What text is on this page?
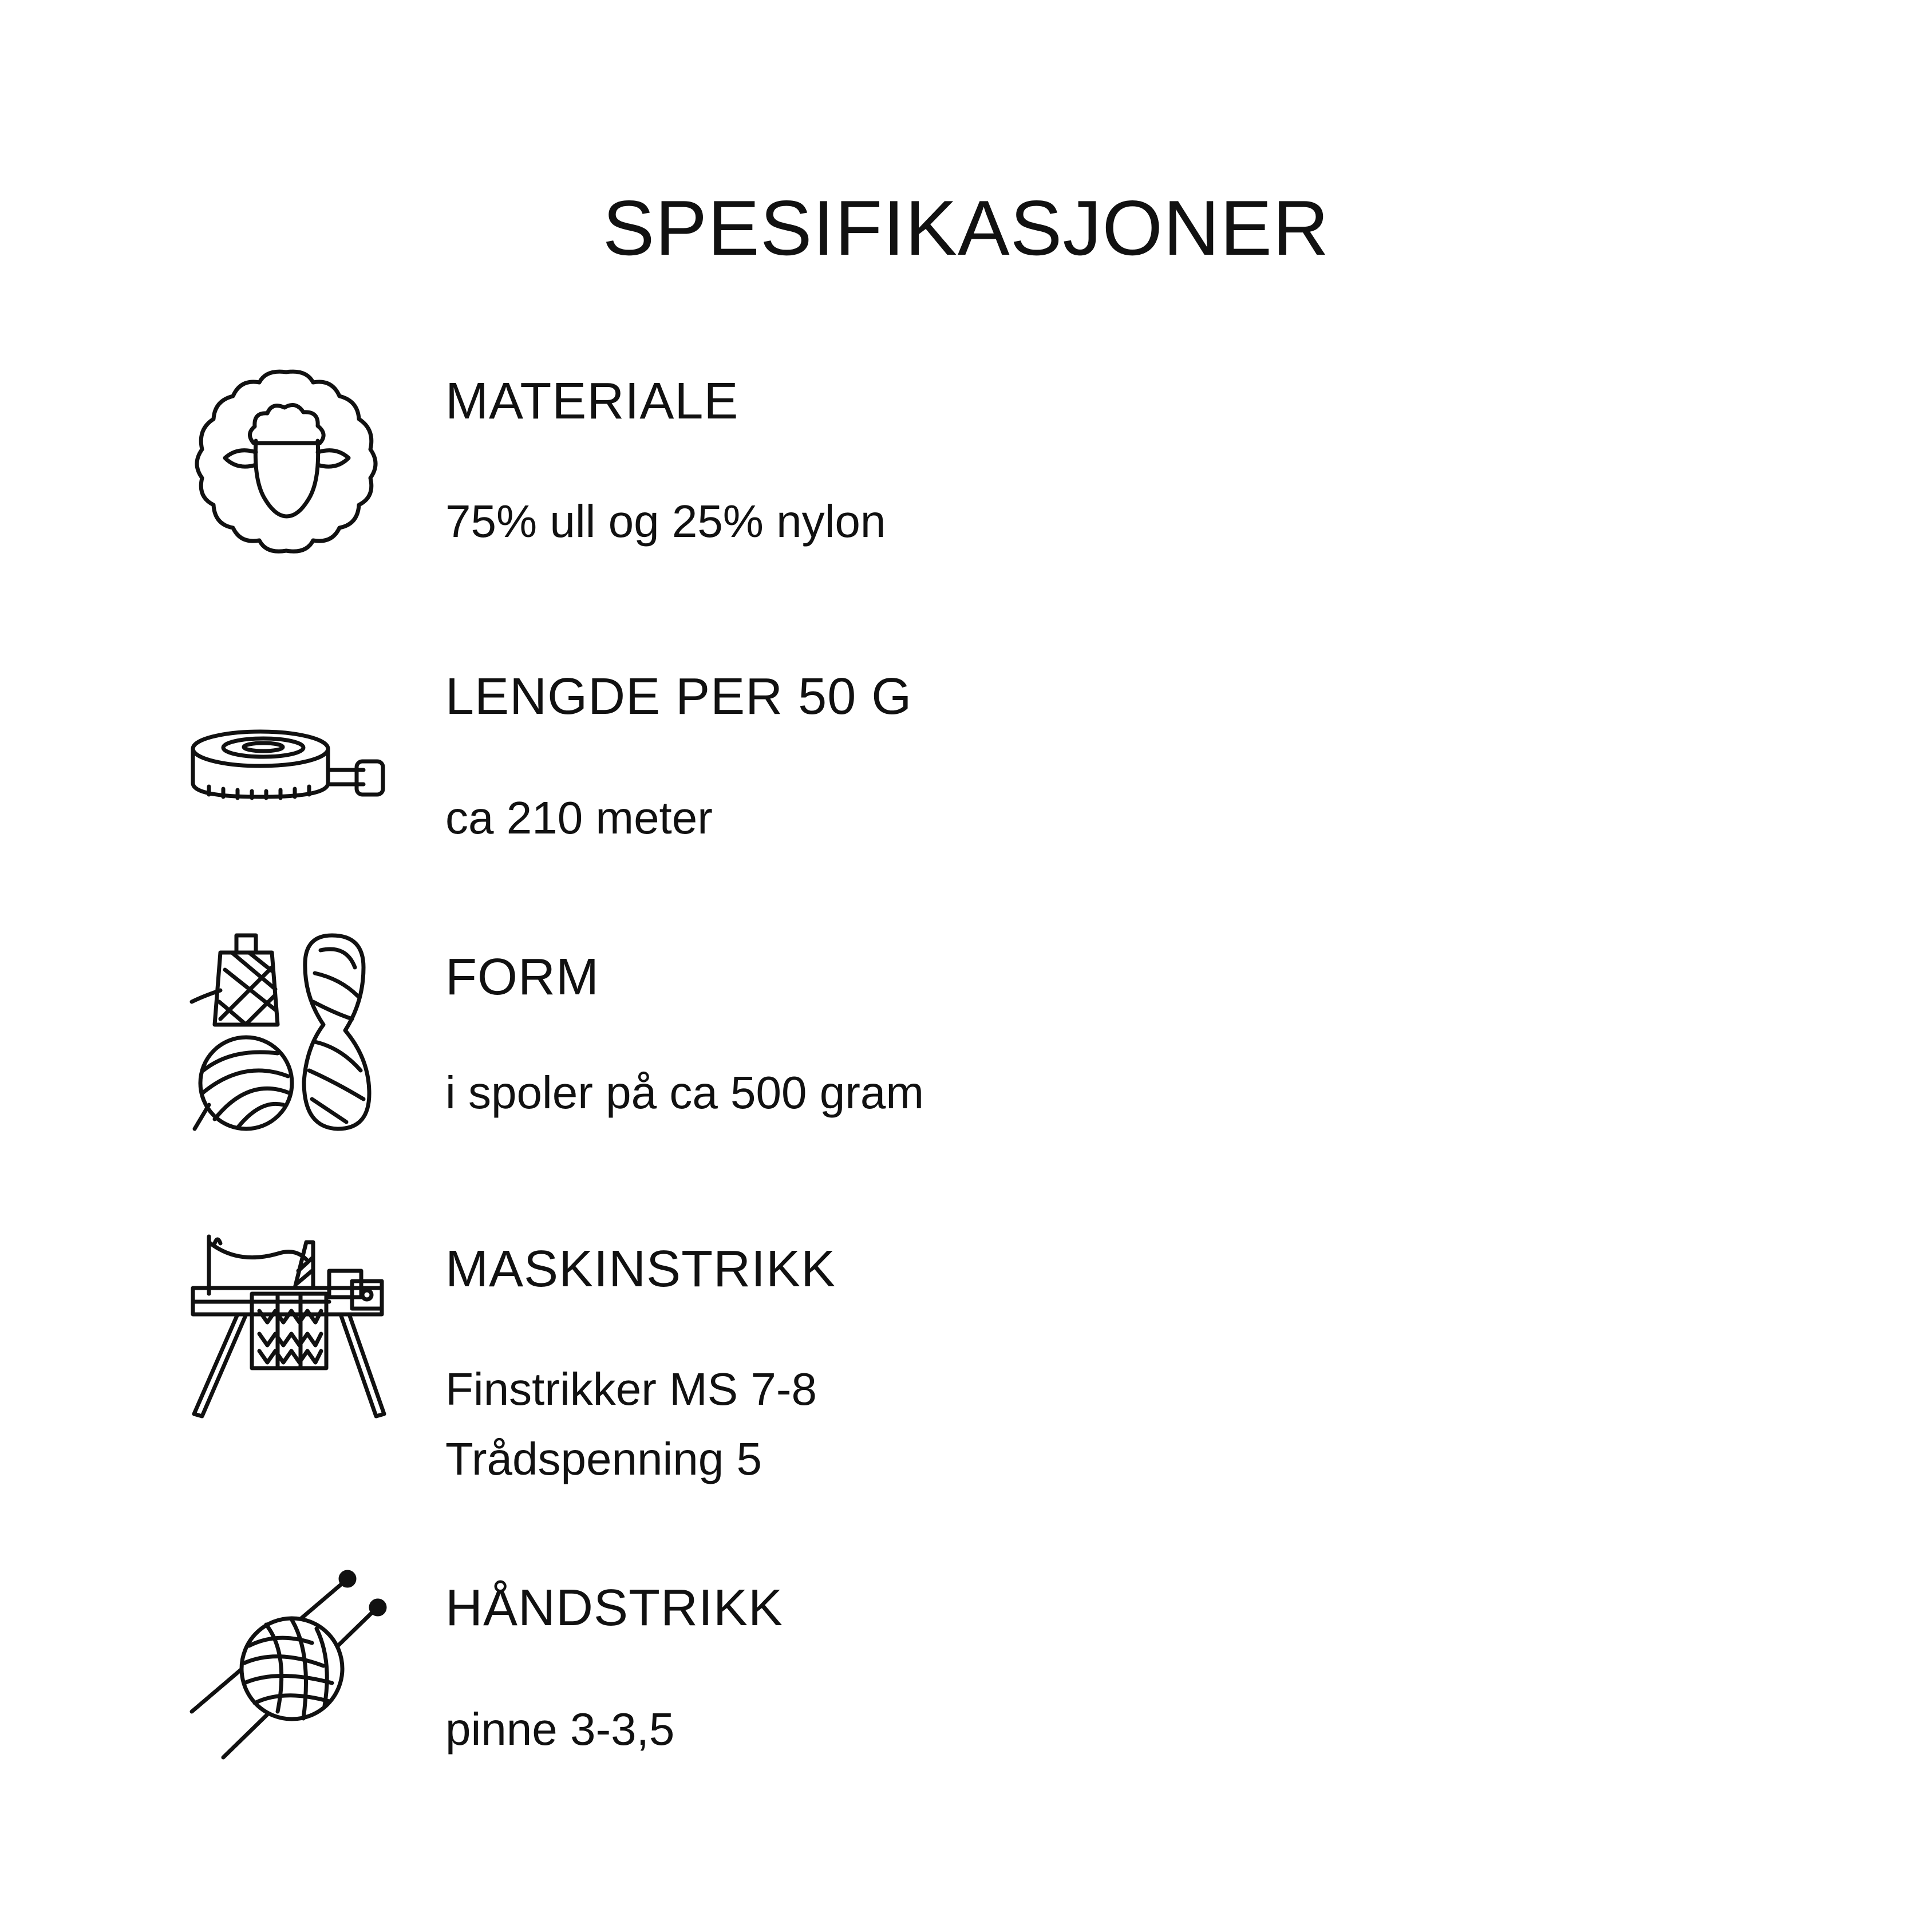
SPESIFIKASJONER
MATERIALE
75% ull og 25% nylon
LENGDE PER 50 G
ca 210 meter
FORM
i spoler på ca 500 gram
MASKINSTRIKK
Finstrikker MS 7-8
Trådspenning 5
HÅNDSTRIKK
pinne 3-3,5
